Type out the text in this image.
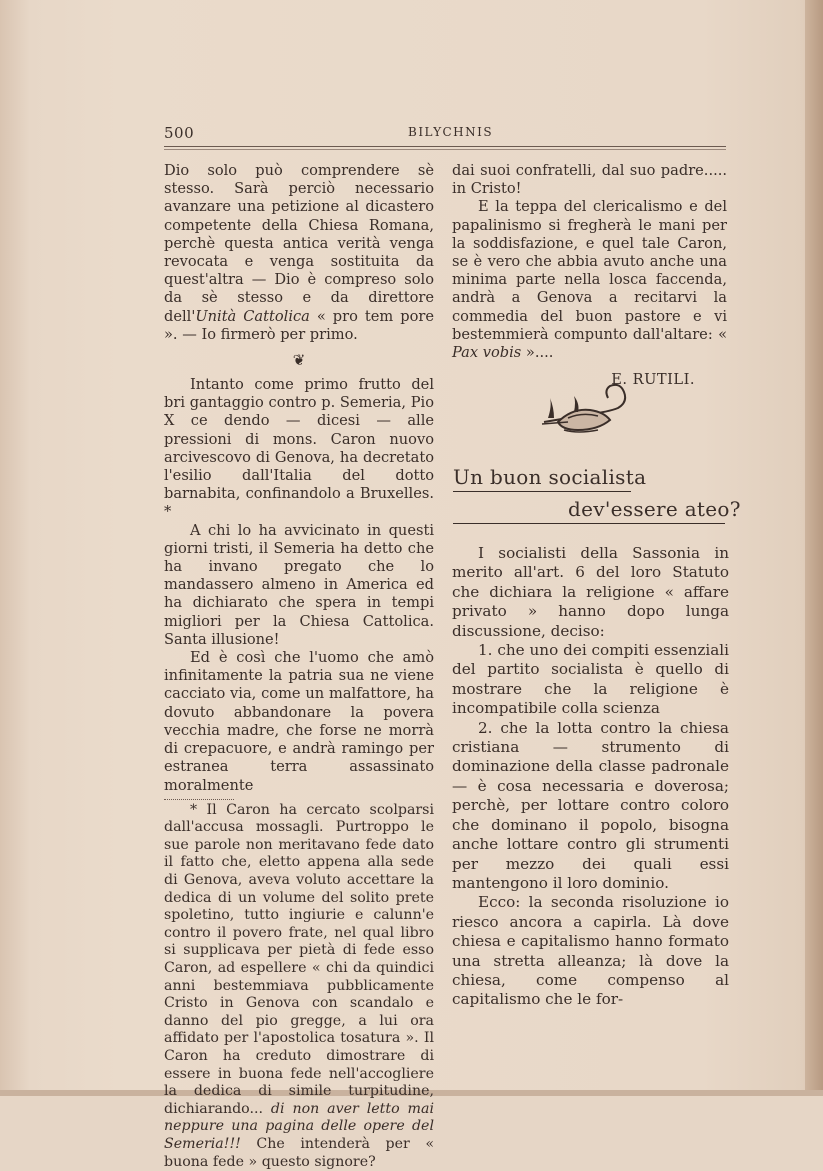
500	BILYCHNIS

Dio solo può comprendere sè stesso. Sarà perciò necessario avanzare una petizione al dicastero competente della Chiesa Romana, perchè questa antica verità venga revocata e venga sostituita da quest'altra — Dio è compreso solo da sè stesso e da direttore dell'Unità Cattolica « pro tem pore ». — Io firmerò per primo.

❦

Intanto come primo frutto del bri gantaggio contro p. Semeria, Pio X ce dendo — dicesi — alle pressioni di mons. Caron nuovo arcivescovo di Genova, ha decretato l'esilio dall'Italia del dotto barnabita, confinandolo a Bruxelles. *

A chi lo ha avvicinato in questi giorni tristi, il Semeria ha detto che ha invano pregato che lo mandassero almeno in America ed ha dichiarato che spera in tempi migliori per la Chiesa Cattolica. Santa illusione!

Ed è così che l'uomo che amò infinitamente la patria sua ne viene cacciato via, come un malfattore, ha dovuto abbandonare la povera vecchia madre, che forse ne morrà di crepacuore, e andrà ramingo per estranea terra assassinato moralmente

* Il Caron ha cercato scolparsi dall'accusa mossagli. Purtroppo le sue parole non meritavano fede dato il fatto che, eletto appena alla sede di Genova, aveva voluto accettare la dedica di un volume del solito prete spoletino, tutto ingiurie e calunn'e contro il povero frate, nel qual libro si supplicava per pietà di fede esso Caron, ad espellere « chi da quindici anni bestemmiava pubblicamente Cristo in Genova con scandalo e danno del pio gregge, a lui ora affidato per l'apostolica tosatura ». Il Caron ha creduto dimostrare di essere in buona fede nell'accogliere la dedica di simile turpitudine, dichiarando... di non aver letto mai neppure una pagina delle opere del Semeria!!! Che intenderà per « buona fede » questo signore?

dai suoi confratelli, dal suo padre..... in Cristo!

E la teppa del clericalismo e del papalinismo si fregherà le mani per la soddisfazione, e quel tale Caron, se è vero che abbia avuto anche una minima parte nella losca faccenda, andrà a Genova a recitarvi la commedia del buon pastore e vi bestemmierà compunto dall'altare: « Pax vobis »....

E. RUTILI.
Un buon socialista
dev'essere ateo?

I socialisti della Sassonia in merito all'art. 6 del loro Statuto che dichiara la religione « affare privato » hanno dopo lunga discussione, deciso:

1. che uno dei compiti essenziali del partito socialista è quello di mostrare che la religione è incompatibile colla scienza

2. che la lotta contro la chiesa cristiana — strumento di dominazione della classe padronale — è cosa necessaria e doverosa; perchè, per lottare contro coloro che dominano il popolo, bisogna anche lottare contro gli strumenti per mezzo dei quali essi mantengono il loro dominio.

Ecco: la seconda risoluzione io riesco ancora a capirla. Là dove chiesa e capitalismo hanno formato una stretta alleanza; là dove la chiesa, come compenso al capitalismo che le for-
